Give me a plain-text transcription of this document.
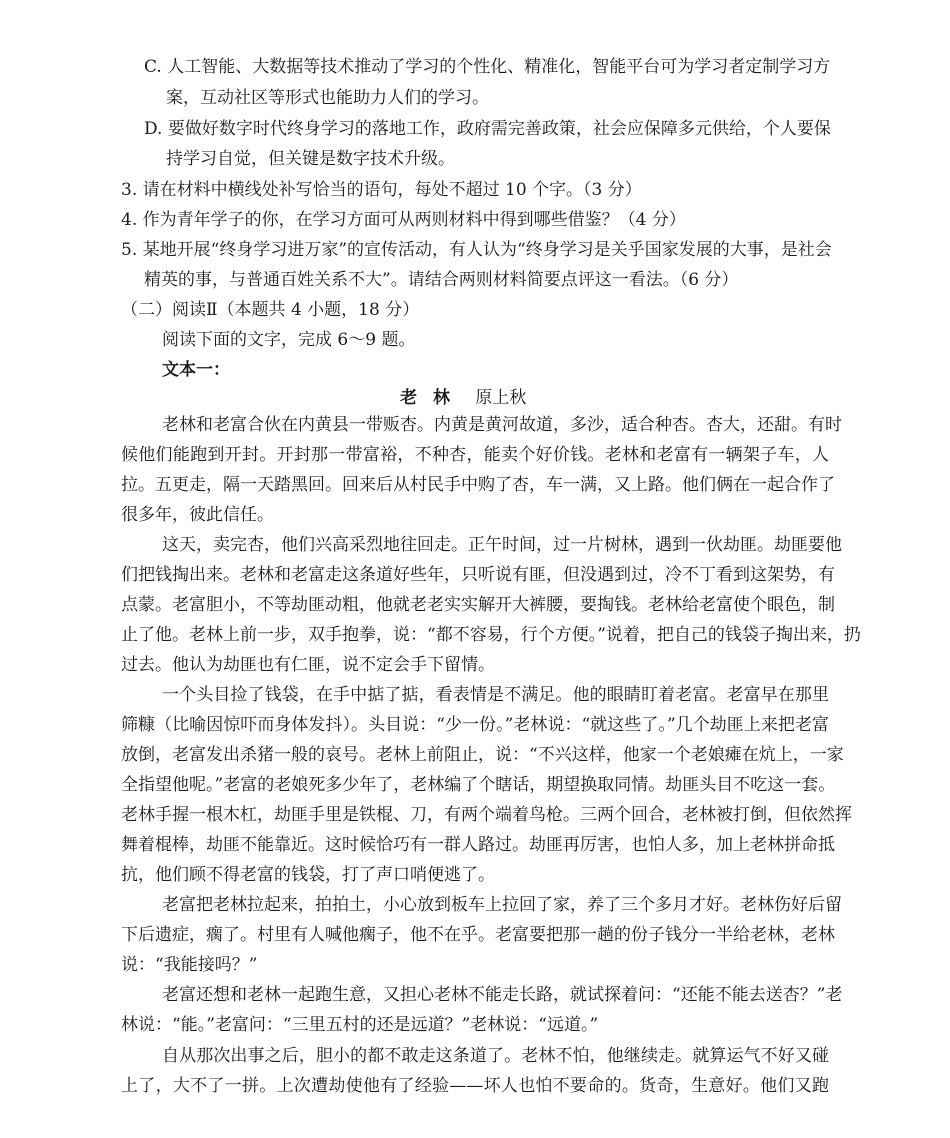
C. 人工智能、大数据等技术推动了学习的个性化、精准化，智能平台可为学习者定制学习方
案，互动社区等形式也能助力人们的学习。
D. 要做好数字时代终身学习的落地工作，政府需完善政策，社会应保障多元供给，个人要保
持学习自觉，但关键是数字技术升级。
3. 请在材料中横线处补写恰当的语句，每处不超过 10 个字。（3 分）
4. 作为青年学子的你，在学习方面可从两则材料中得到哪些借鉴？（4 分）
5. 某地开展“终身学习进万家”的宣传活动，有人认为“终身学习是关乎国家发展的大事，是社会
精英的事，与普通百姓关系不大”。请结合两则材料简要点评这一看法。（6 分）
（二）阅读Ⅱ（本题共 4 小题，18 分）
阅读下面的文字，完成 6～9 题。
文本一：
老林 原上秋
老林和老富合伙在内黄县一带贩杏。内黄是黄河故道，多沙，适合种杏。杏大，还甜。有时
候他们能跑到开封。开封那一带富裕，不种杏，能卖个好价钱。老林和老富有一辆架子车，人
拉。五更走，隔一天踏黑回。回来后从村民手中购了杏，车一满，又上路。他们俩在一起合作了
很多年，彼此信任。
这天，卖完杏，他们兴高采烈地往回走。正午时间，过一片树林，遇到一伙劫匪。劫匪要他
们把钱掏出来。老林和老富走这条道好些年，只听说有匪，但没遇到过，冷不丁看到这架势，有
点蒙。老富胆小，不等劫匪动粗，他就老老实实解开大裤腰，要掏钱。老林给老富使个眼色，制
止了他。老林上前一步，双手抱拳，说：“都不容易，行个方便。”说着，把自己的钱袋子掏出来，扔
过去。他认为劫匪也有仁匪，说不定会手下留情。
一个头目捡了钱袋，在手中掂了掂，看表情是不满足。他的眼睛盯着老富。老富早在那里
筛糠（比喻因惊吓而身体发抖）。头目说：“少一份。”老林说：“就这些了。”几个劫匪上来把老富
放倒，老富发出杀猪一般的哀号。老林上前阻止，说：“不兴这样，他家一个老娘瘫在炕上，一家
全指望他呢。”老富的老娘死多少年了，老林编了个瞎话，期望换取同情。劫匪头目不吃这一套。
老林手握一根木杠，劫匪手里是铁棍、刀，有两个端着鸟枪。三两个回合，老林被打倒，但依然挥
舞着棍棒，劫匪不能靠近。这时候恰巧有一群人路过。劫匪再厉害，也怕人多，加上老林拼命抵
抗，他们顾不得老富的钱袋，打了声口哨便逃了。
老富把老林拉起来，拍拍土，小心放到板车上拉回了家，养了三个多月才好。老林伤好后留
下后遗症，瘸了。村里有人喊他瘸子，他不在乎。老富要把那一趟的份子钱分一半给老林，老林
说：“我能接吗？”
老富还想和老林一起跑生意，又担心老林不能走长路，就试探着问：“还能不能去送杏？”老
林说：“能。”老富问：“三里五村的还是远道？”老林说：“远道。”
自从那次出事之后，胆小的都不敢走这条道了。老林不怕，他继续走。就算运气不好又碰
上了，大不了一拼。上次遭劫使他有了经验——坏人也怕不要命的。货奇，生意好。他们又跑
